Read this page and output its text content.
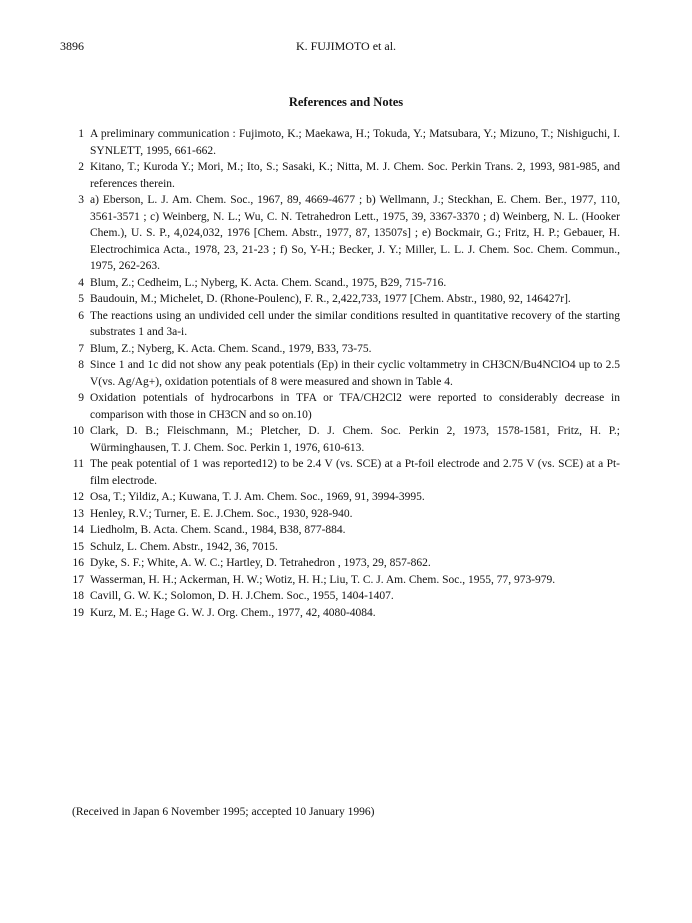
3896	K. FUJIMOTO et al.
References and Notes
1 A preliminary communication : Fujimoto, K.; Maekawa, H.; Tokuda, Y.; Matsubara, Y.; Mizuno, T.; Nishiguchi, I. SYNLETT, 1995, 661-662.
2 Kitano, T.; Kuroda Y.; Mori, M.; Ito, S.; Sasaki, K.; Nitta, M. J. Chem. Soc. Perkin Trans. 2, 1993, 981-985, and references therein.
3 a) Eberson, L. J. Am. Chem. Soc., 1967, 89, 4669-4677 ; b) Wellmann, J.; Steckhan, E. Chem. Ber., 1977, 110, 3561-3571 ; c) Weinberg, N. L.; Wu, C. N. Tetrahedron Lett., 1975, 39, 3367-3370 ; d) Weinberg, N. L. (Hooker Chem.), U. S. P., 4,024,032, 1976 [Chem. Abstr., 1977, 87, 13507s] ; e) Bockmair, G.; Fritz, H. P.; Gebauer, H. Electrochimica Acta., 1978, 23, 21-23 ; f) So, Y-H.; Becker, J. Y.; Miller, L. L. J. Chem. Soc. Chem. Commun., 1975, 262-263.
4 Blum, Z.; Cedheim, L.; Nyberg, K. Acta. Chem. Scand., 1975, B29, 715-716.
5 Baudouin, M.; Michelet, D. (Rhone-Poulenc), F. R., 2,422,733, 1977 [Chem. Abstr., 1980, 92, 146427r].
6 The reactions using an undivided cell under the similar conditions resulted in quantitative recovery of the starting substrates 1 and 3a-i.
7 Blum, Z.; Nyberg, K. Acta. Chem. Scand., 1979, B33, 73-75.
8 Since 1 and 1c did not show any peak potentials (Ep) in their cyclic voltammetry in CH3CN/Bu4NClO4 up to 2.5 V(vs. Ag/Ag+), oxidation potentials of 8 were measured and shown in Table 4.
9 Oxidation potentials of hydrocarbons in TFA or TFA/CH2Cl2 were reported to considerably decrease in comparison with those in CH3CN and so on.10)
10 Clark, D. B.; Fleischmann, M.; Pletcher, D. J. Chem. Soc. Perkin 2, 1973, 1578-1581, Fritz, H. P.; Würminghausen, T. J. Chem. Soc. Perkin 1, 1976, 610-613.
11 The peak potential of 1 was reported12) to be 2.4 V (vs. SCE) at a Pt-foil electrode and 2.75 V (vs. SCE) at a Pt-film electrode.
12 Osa, T.; Yildiz, A.; Kuwana, T. J. Am. Chem. Soc., 1969, 91, 3994-3995.
13 Henley, R.V.; Turner, E. E. J.Chem. Soc., 1930, 928-940.
14 Liedholm, B. Acta. Chem. Scand., 1984, B38, 877-884.
15 Schulz, L. Chem. Abstr., 1942, 36, 7015.
16 Dyke, S. F.; White, A. W. C.; Hartley, D. Tetrahedron , 1973, 29, 857-862.
17 Wasserman, H. H.; Ackerman, H. W.; Wotiz, H. H.; Liu, T. C. J. Am. Chem. Soc., 1955, 77, 973-979.
18 Cavill, G. W. K.; Solomon, D. H. J.Chem. Soc., 1955, 1404-1407.
19 Kurz, M. E.; Hage G. W. J. Org. Chem., 1977, 42, 4080-4084.
(Received in Japan 6 November 1995; accepted 10 January 1996)
